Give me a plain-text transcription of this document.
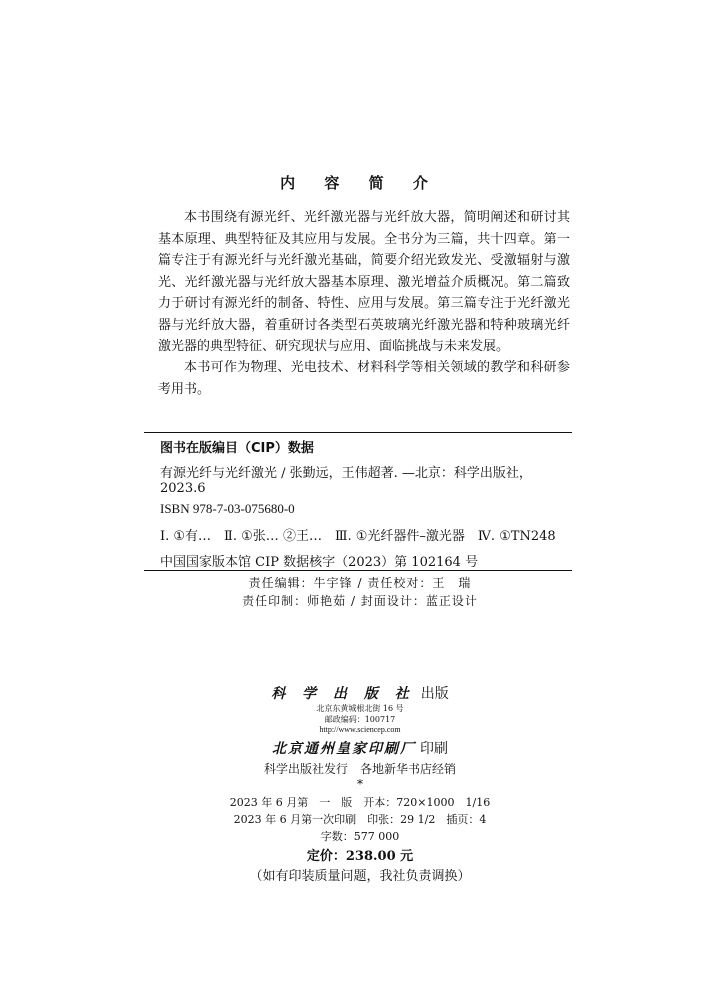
内 容 简 介

本书围绕有源光纤、光纤激光器与光纤放大器，简明阐述和研讨其基本原理、典型特征及其应用与发展。全书分为三篇，共十四章。第一篇专注于有源光纤与光纤激光基础，简要介绍光致发光、受激辐射与激光、光纤激光器与光纤放大器基本原理、激光增益介质概况。第二篇致力于研讨有源光纤的制备、特性、应用与发展。第三篇专注于光纤激光器与光纤放大器，着重研讨各类型石英玻璃光纤激光器和特种玻璃光纤激光器的典型特征、研究现状与应用、面临挑战与未来发展。

本书可作为物理、光电技术、材料科学等相关领域的教学和科研参考用书。

图书在版编目（CIP）数据
有源光纤与光纤激光 / 张勤远，王伟超著. —北京：科学出版社，
2023.6
ISBN 978-7-03-075680-0
Ⅰ. ①有…　Ⅱ. ①张… ②王…　Ⅲ. ①光纤器件–激光器　Ⅳ. ①TN248
中国国家版本馆 CIP 数据核字（2023）第 102164 号
责任编辑：牛宇锋 / 责任校对：王　瑞
责任印制：师艳茹 / 封面设计：蓝正设计
科 学 出 版 社 出版
北京东黄城根北街 16 号
邮政编码：100717
http://www.sciencep.com
北京通州皇家印刷厂 印刷
科学出版社发行　各地新华书店经销
*
2023 年 6 月第　一　版　开本：720×1000　1/16
2023 年 6 月第一次印刷　印张：29 1/2　插页：4
字数：577 000
定价：238.00 元
（如有印装质量问题，我社负责调换）
